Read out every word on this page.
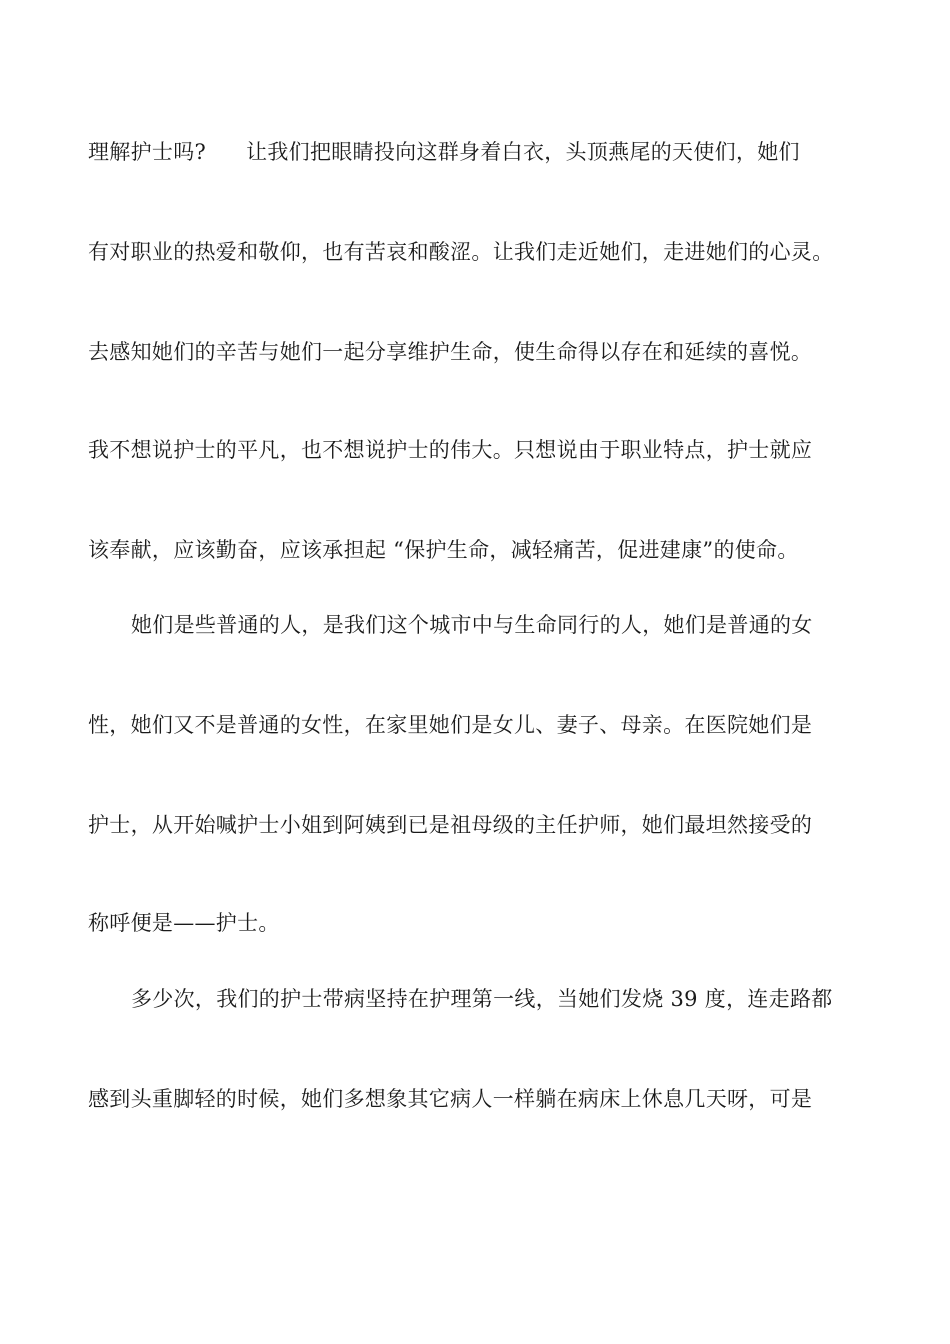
理解护士吗? 让我们把眼睛投向这群身着白衣，头顶燕尾的天使们，她们
有对职业的热爱和敬仰，也有苦哀和酸涩。让我们走近她们，走进她们的心灵。
去感知她们的辛苦与她们一起分享维护生命，使生命得以存在和延续的喜悦。
我不想说护士的平凡，也不想说护士的伟大。只想说由于职业特点，护士就应
该奉献，应该勤奋，应该承担起 “保护生命，减轻痛苦，促进建康”的使命。
她们是些普通的人，是我们这个城市中与生命同行的人，她们是普通的女
性，她们又不是普通的女性，在家里她们是女儿、妻子、母亲。在医院她们是
护士，从开始喊护士小姐到阿姨到已是祖母级的主任护师，她们最坦然接受的
称呼便是——护士。
多少次，我们的护士带病坚持在护理第一线，当她们发烧 39 度，连走路都
感到头重脚轻的时候，她们多想象其它病人一样躺在病床上休息几天呀，可是
